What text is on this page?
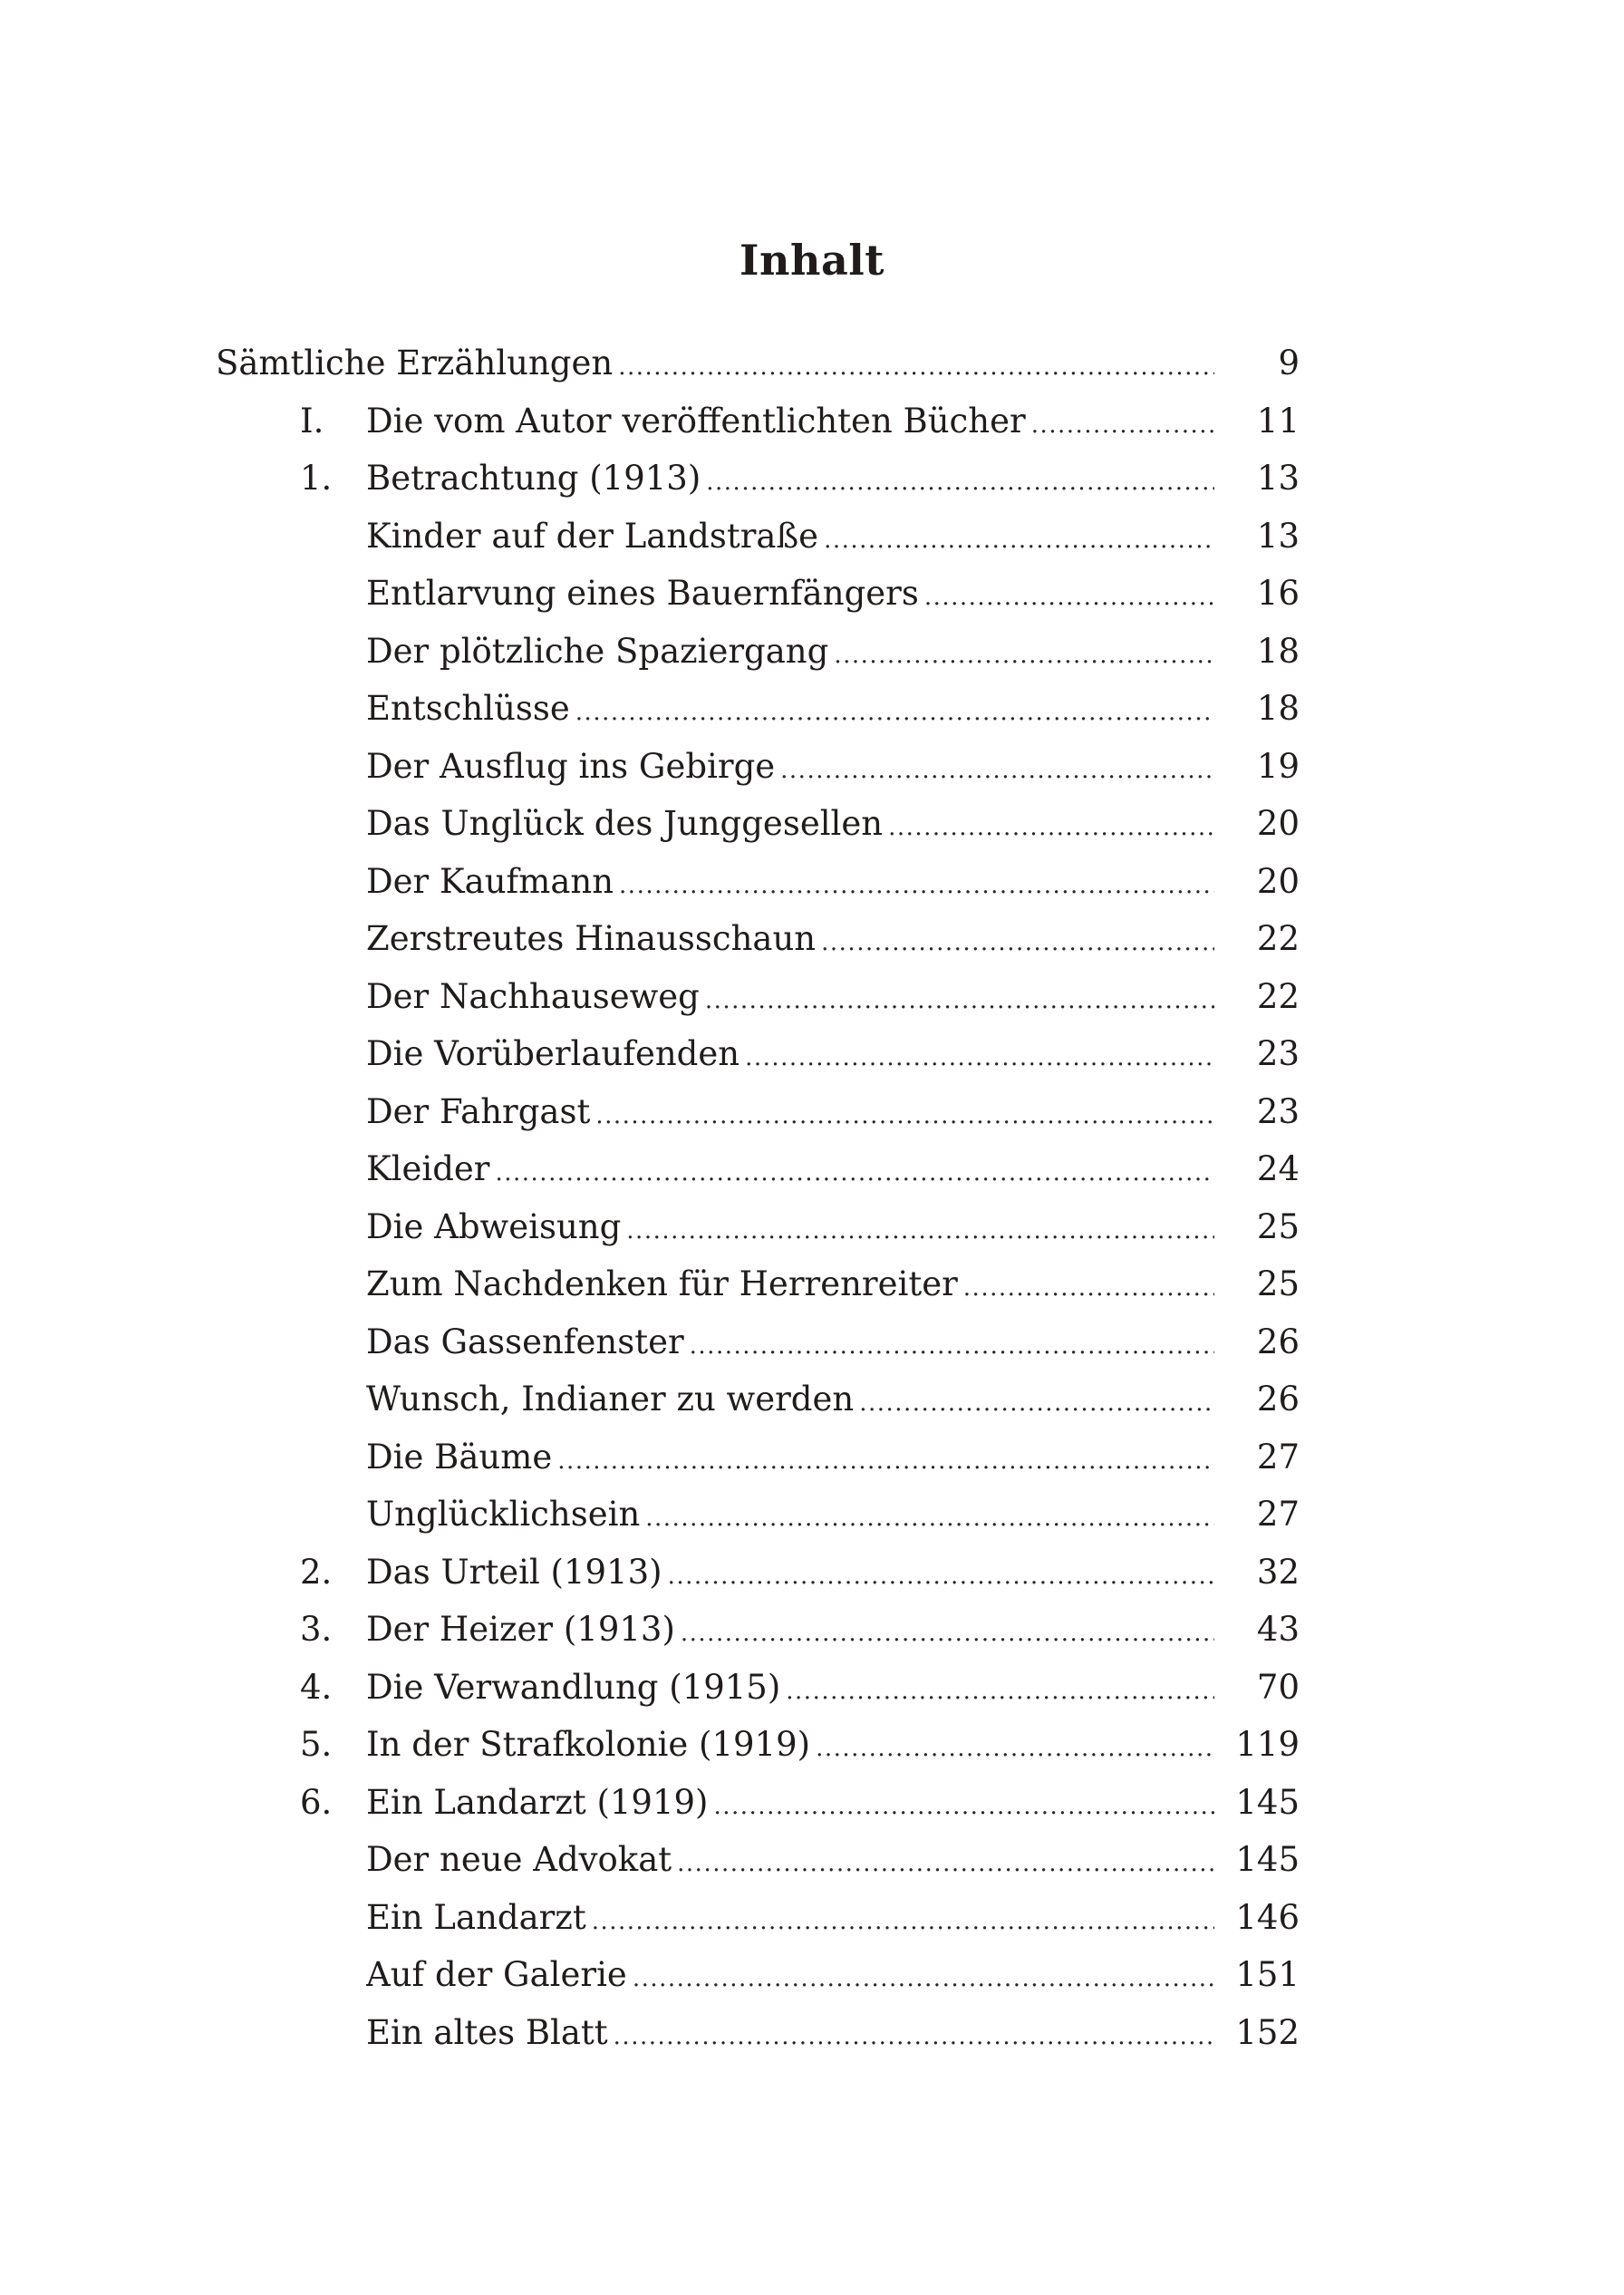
Inhalt
Sämtliche Erzählungen .....	9
I. Die vom Autor veröffentlichten Bücher .....	11
1. Betrachtung (1913) .....	13
Kinder auf der Landstraße .....	13
Entlarvung eines Bauernfängers .....	16
Der plötzliche Spaziergang .....	18
Entschlüsse .....	18
Der Ausflug ins Gebirge .....	19
Das Unglück des Junggesellen .....	20
Der Kaufmann .....	20
Zerstreutes Hinausschaun .....	22
Der Nachhauseweg .....	22
Die Vorüberlaufenden .....	23
Der Fahrgast .....	23
Kleider .....	24
Die Abweisung .....	25
Zum Nachdenken für Herrenreiter .....	25
Das Gassenfenster .....	26
Wunsch, Indianer zu werden .....	26
Die Bäume .....	27
Unglücklichsein .....	27
2. Das Urteil (1913) .....	32
3. Der Heizer (1913) .....	43
4. Die Verwandlung (1915) .....	70
5. In der Strafkolonie (1919) .....	119
6. Ein Landarzt (1919) .....	145
Der neue Advokat .....	145
Ein Landarzt .....	146
Auf der Galerie .....	151
Ein altes Blatt .....	152
